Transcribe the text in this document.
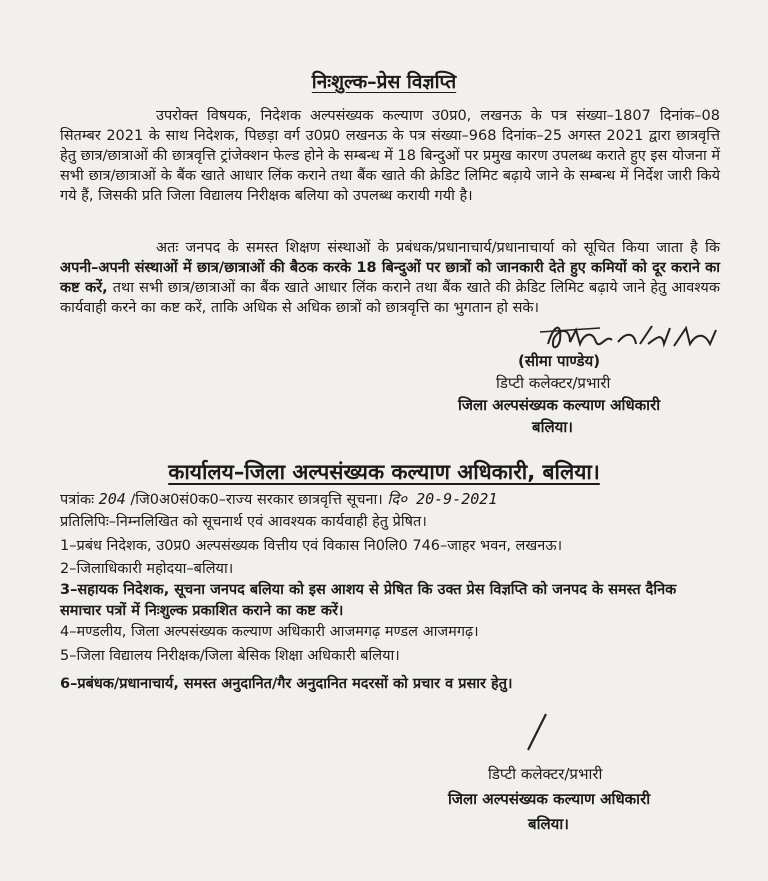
निःशुल्क–प्रेस विज्ञप्ति

उपरोक्त विषयक, निदेशक अल्पसंख्यक कल्याण उ0प्र0, लखनऊ के पत्र संख्या–1807 दिनांक–08 सितम्बर 2021 के साथ निदेशक, पिछड़ा वर्ग उ0प्र0 लखनऊ के पत्र संख्या–968 दिनांक–25 अगस्त 2021 द्वारा छात्रवृत्ति हेतु छात्र/छात्राओं की छात्रवृत्ति ट्रांजेक्शन फेल्ड होने के सम्बन्ध में 18 बिन्दुओं पर प्रमुख कारण उपलब्ध कराते हुए इस योजना में सभी छात्र/छात्राओं के बैंक खाते आधार लिंक कराने तथा बैंक खाते की क्रेडिट लिमिट बढ़ाये जाने के सम्बन्ध में निर्देश जारी किये गये हैं, जिसकी प्रति जिला विद्यालय निरीक्षक बलिया को उपलब्ध करायी गयी है।

अतः जनपद के समस्त शिक्षण संस्थाओं के प्रबंधक/प्रधानाचार्य/प्रधानाचार्या को सूचित किया जाता है कि अपनी–अपनी संस्थाओं में छात्र/छात्राओं की बैठक करके 18 बिन्दुओं पर छात्रों को जानकारी देते हुए कमियों को दूर कराने का कष्ट करें, तथा सभी छात्र/छात्राओं का बैंक खाते आधार लिंक कराने तथा बैंक खाते की क्रेडिट लिमिट बढ़ाये जाने हेतु आवश्यक कार्यवाही करने का कष्ट करें, ताकि अधिक से अधिक छात्रों को छात्रवृत्ति का भुगतान हो सके।

(सीमा पाण्डेय)
डिप्टी कलेक्टर/प्रभारी
जिला अल्पसंख्यक कल्याण अधिकारी
बलिया।
कार्यालय–जिला अल्पसंख्यक कल्याण अधिकारी, बलिया।
पत्रांकः 204 /जि0अ0सं0क0–राज्य सरकार छात्रवृत्ति सूचना। दि० 20-9-2021
प्रतिलिपिः–निम्नलिखित को सूचनार्थ एवं आवश्यक कार्यवाही हेतु प्रेषित।
1–प्रबंध निदेशक, उ0प्र0 अल्पसंख्यक वित्तीय एवं विकास नि0लि0 746–जाहर भवन, लखनऊ।
2–जिलाधिकारी महोदया–बलिया।
3–सहायक निदेशक, सूचना जनपद बलिया को इस आशय से प्रेषित कि उक्त प्रेस विज्ञप्ति को जनपद के समस्त दैनिक समाचार पत्रों में निःशुल्क प्रकाशित कराने का कष्ट करें।
4–मण्डलीय, जिला अल्पसंख्यक कल्याण अधिकारी आजमगढ़ मण्डल आजमगढ़।
5–जिला विद्यालय निरीक्षक/जिला बेसिक शिक्षा अधिकारी बलिया।
6–प्रबंधक/प्रधानाचार्य, समस्त अनुदानित/गैर अनुदानित मदरसों को प्रचार व प्रसार हेतु।
डिप्टी कलेक्टर/प्रभारी
जिला अल्पसंख्यक कल्याण अधिकारी
बलिया।
